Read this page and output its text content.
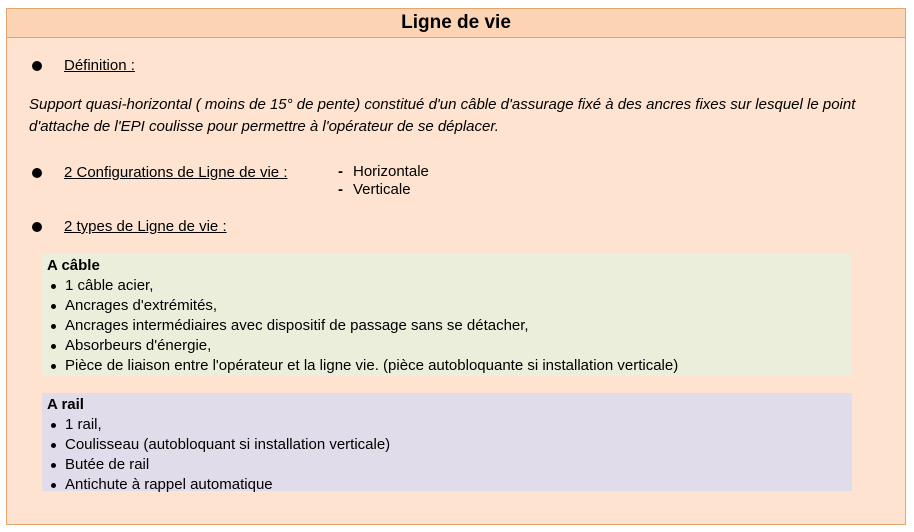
Ligne de vie
Définition :
Support quasi-horizontal ( moins de 15° de pente) constitué d'un câble d'assurage fixé à des ancres fixes sur lesquel le point d'attache de l'EPI coulisse pour permettre à l'opérateur de se déplacer.
2 Configurations de Ligne de vie :	- Horizontale
- Verticale
2 types de Ligne de vie :
A câble
1 câble acier,
Ancrages d'extrémités,
Ancrages intermédiaires avec dispositif de passage sans se détacher,
Absorbeurs d'énergie,
Pièce de liaison entre l'opérateur et la ligne vie. (pièce autobloquante si installation verticale)
A rail
1 rail,
Coulisseau (autobloquant si installation verticale)
Butée de rail
Antichute à rappel automatique
